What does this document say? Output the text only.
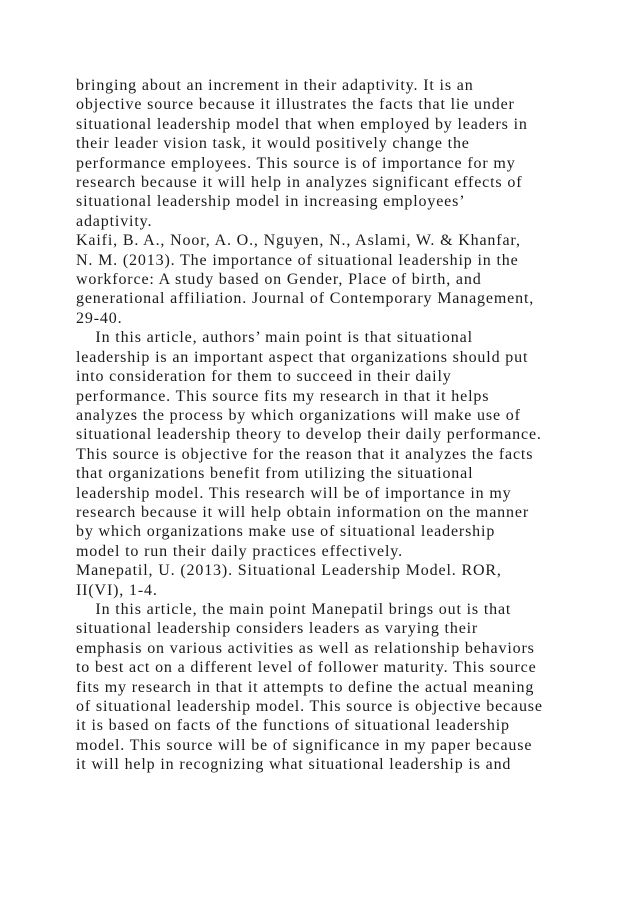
bringing about an increment in their adaptivity. It is an
objective source because it illustrates the facts that lie under
situational leadership model that when employed by leaders in
their leader vision task, it would positively change the
performance employees. This source is of importance for my
research because it will help in analyzes significant effects of
situational leadership model in increasing employees’
adaptivity.
Kaifi, B. A., Noor, A. O., Nguyen, N., Aslami, W. & Khanfar,
N. M. (2013). The importance of situational leadership in the
workforce: A study based on Gender, Place of birth, and
generational affiliation. Journal of Contemporary Management,
29-40.
In this article, authors’ main point is that situational
leadership is an important aspect that organizations should put
into consideration for them to succeed in their daily
performance. This source fits my research in that it helps
analyzes the process by which organizations will make use of
situational leadership theory to develop their daily performance.
This source is objective for the reason that it analyzes the facts
that organizations benefit from utilizing the situational
leadership model. This research will be of importance in my
research because it will help obtain information on the manner
by which organizations make use of situational leadership
model to run their daily practices effectively.
Manepatil, U. (2013). Situational Leadership Model. ROR,
II(VI), 1-4.
In this article, the main point Manepatil brings out is that
situational leadership considers leaders as varying their
emphasis on various activities as well as relationship behaviors
to best act on a different level of follower maturity. This source
fits my research in that it attempts to define the actual meaning
of situational leadership model. This source is objective because
it is based on facts of the functions of situational leadership
model. This source will be of significance in my paper because
it will help in recognizing what situational leadership is and
